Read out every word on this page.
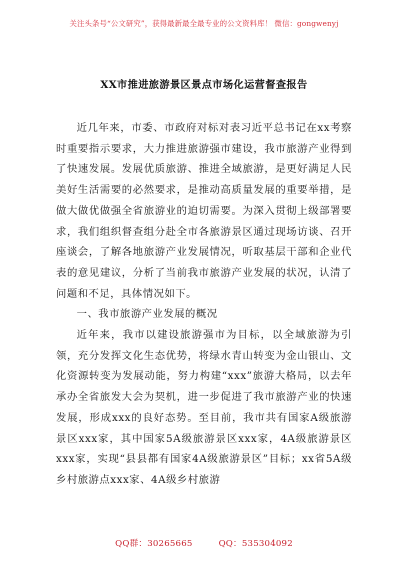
关注头条号“公文研究”，获得最新最全最专业的公文资料库！ 微信：gongwenyj
XX市推进旅游景区景点市场化运营督查报告

近几年来，市委、市政府对标对表习近平总书记在xx考察时重要指示要求，大力推进旅游强市建设，我市旅游产业得到了快速发展。发展优质旅游、推进全域旅游，是更好满足人民美好生活需要的必然要求，是推动高质量发展的重要举措，是做大做优做强全省旅游业的迫切需要。为深入贯彻上级部署要求，我们组织督查组分赴全市各旅游景区通过现场访谈、召开座谈会，了解各地旅游产业发展情况，听取基层干部和企业代表的意见建议，分析了当前我市旅游产业发展的状况，认清了问题和不足，具体情况如下。

一、我市旅游产业发展的概况

近年来，我市以建设旅游强市为目标，以全域旅游为引领，充分发挥文化生态优势，将绿水青山转变为金山银山、文化资源转变为发展动能，努力构建“xxx”旅游大格局，以去年承办全省旅发大会为契机，进一步促进了我市旅游产业的快速发展，形成xxx的良好态势。至目前，我市共有国家A级旅游景区xxx家，其中国家5A级旅游景区xxx家，4A级旅游景区xxx家，实现“县县都有国家4A级旅游景区”目标；xx省5A级乡村旅游点xxx家、4A级乡村旅游

QQ群：30265665	QQ：535304092
